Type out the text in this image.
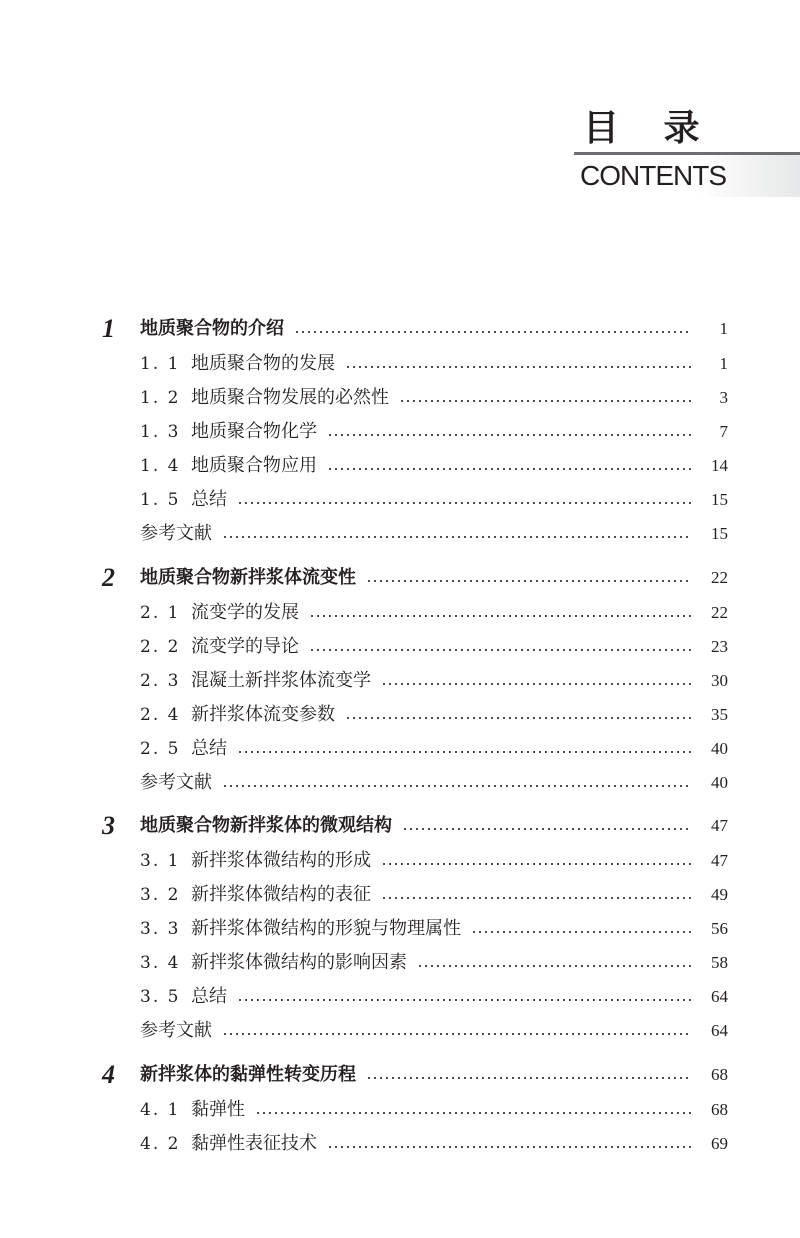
目 录
CONTENTS
1	地质聚合物的介绍	1
1. 1 地质聚合物的发展	1
1. 2 地质聚合物发展的必然性	3
1. 3 地质聚合物化学	7
1. 4 地质聚合物应用	14
1. 5 总结	15
参考文献	15
2	地质聚合物新拌浆体流变性	22
2. 1 流变学的发展	22
2. 2 流变学的导论	23
2. 3 混凝土新拌浆体流变学	30
2. 4 新拌浆体流变参数	35
2. 5 总结	40
参考文献	40
3	地质聚合物新拌浆体的微观结构	47
3. 1 新拌浆体微结构的形成	47
3. 2 新拌浆体微结构的表征	49
3. 3 新拌浆体微结构的形貌与物理属性	56
3. 4 新拌浆体微结构的影响因素	58
3. 5 总结	64
参考文献	64
4	新拌浆体的黏弹性转变历程	68
4. 1 黏弹性	68
4. 2 黏弹性表征技术	69
